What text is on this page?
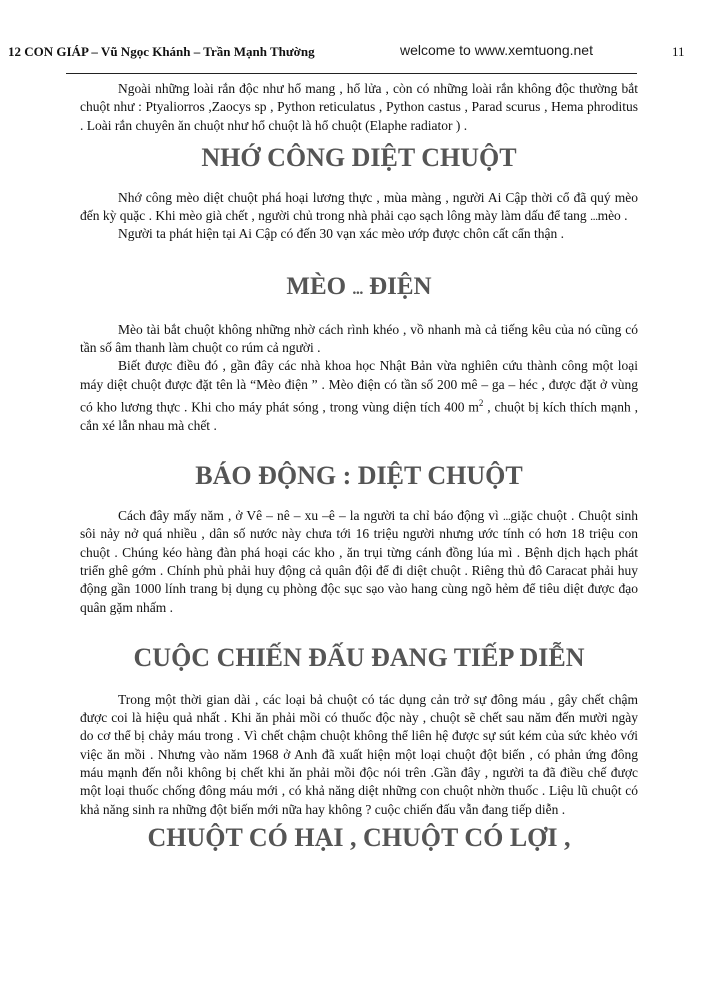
12 CON GIÁP – Vũ Ngọc Khánh – Trần Mạnh Thường	welcome to www.xemtuong.net	11

Ngoài những loài rắn độc như hổ mang , hổ lửa , còn có những loài rắn không độc thường bắt chuột như : Ptyaliorros ,Zaocys sp , Python reticulatus , Python castus , Parad scurus , Hema phroditus . Loài rắn chuyên ăn chuột như hổ chuột là hổ chuột (Elaphe radiator ) .

NHỚ CÔNG DIỆT CHUỘT

Nhớ công mèo diệt chuột phá hoại lương thực , mùa màng , người Ai Cập thời cổ đã quý mèo đến kỳ quặc . Khi mèo già chết , người chủ trong nhà phải cạo sạch lông mày làm dấu để tang ...mèo .

Người ta phát hiện tại Ai Cập có đến 30 vạn xác mèo ướp được chôn cất cẩn thận .

MÈO ... ĐIỆN

Mèo tài bắt chuột không những nhờ cách rình khéo , vồ nhanh mà cả tiếng kêu của nó cũng có tần số âm thanh làm chuột co rúm cả người .

Biết được điều đó , gần đây các nhà khoa học Nhật Bản vừa nghiên cứu thành công một loại máy diệt chuột được đặt tên là “Mèo điện ” . Mèo điện có tần số 200 mê – ga – héc , được đặt ở vùng có kho lương thực . Khi cho máy phát sóng , trong vùng diện tích 400 $m^2$ , chuột bị kích thích mạnh , cắn xé lẫn nhau mà chết .

BÁO ĐỘNG : DIỆT CHUỘT

Cách đây mấy năm , ở Vê – nê – xu –ê – la người ta chỉ báo động vì ...giặc chuột . Chuột sinh sôi nảy nở quá nhiều , dân số nước này chưa tới 16 triệu người nhưng ước tính có hơn 18 triệu con chuột . Chúng kéo hàng đàn phá hoại các kho , ăn trụi từng cánh đồng lúa mì . Bệnh dịch hạch phát triển ghê gớm . Chính phủ phải huy động cả quân đội để đi diệt chuột . Riêng thủ đô Caracat phải huy động gần 1000 lính trang bị dụng cụ phòng độc sục sạo vào hang cùng ngõ hẻm để tiêu diệt được đạo quân gặm nhấm .

CUỘC CHIẾN ĐẤU ĐANG TIẾP DIỄN

Trong một thời gian dài , các loại bả chuột có tác dụng cản trở sự đông máu , gây chết chậm được coi là hiệu quả nhất . Khi ăn phải mồi có thuốc độc này , chuột sẽ chết sau năm đến mười ngày do cơ thể bị chảy máu trong . Vì chết chậm chuột không thể liên hệ được sự sút kém của sức khẻo với việc ăn mồi . Nhưng vào năm 1968 ở Anh đã xuất hiện một loại chuột đột biến , có phản ứng đông máu mạnh đến nỗi không bị chết khi ăn phải mồi độc nói trên .Gần đây , người ta đã điều chế được một loại thuốc chống đông máu mới , có khả năng diệt những con chuột nhờn thuốc . Liệu lũ chuột có khả năng sinh ra những đột biến mới nữa hay không ? cuộc chiến đấu vẫn đang tiếp diễn .

CHUỘT CÓ HẠI , CHUỘT CÓ LỢI ,
